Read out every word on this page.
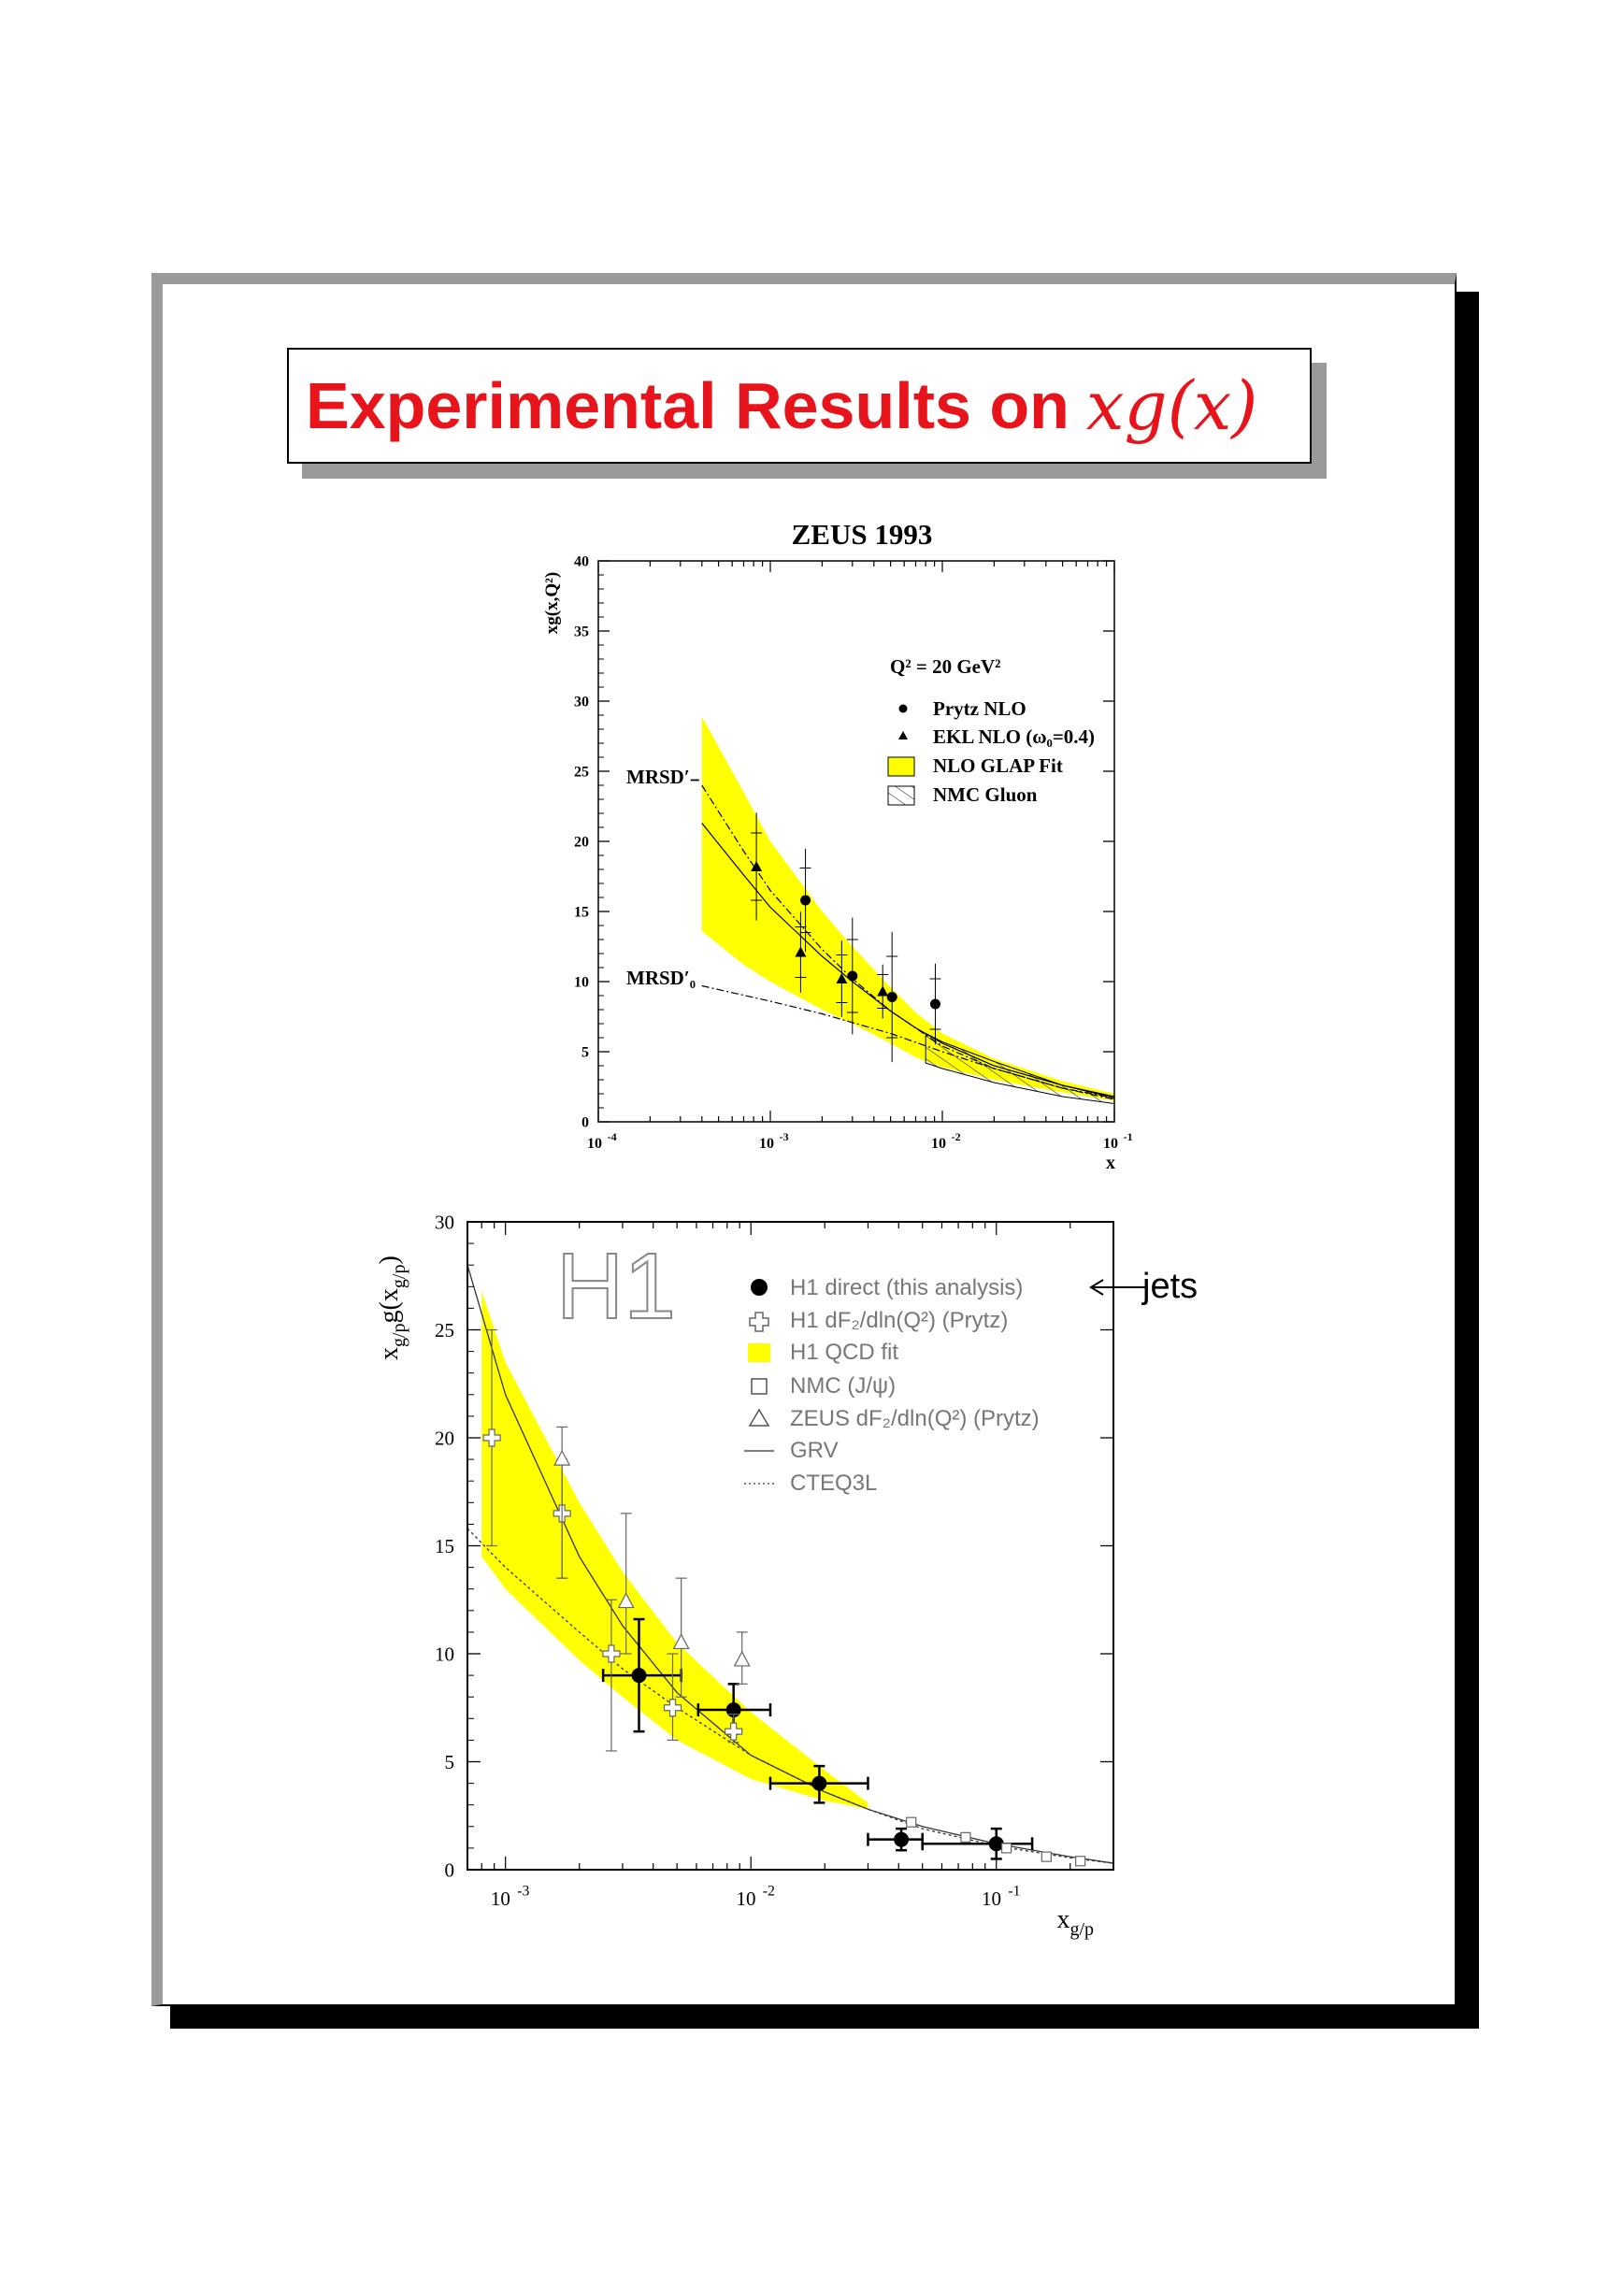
Experimental Results on xg(x)
0
5
10
15
20
25
30
35
40
10 -4	10 -3	10 -2	10 -1
ZEUS 1993
x
xg(x,Q²)
Q² = 20 GeV²
Prytz NLO
EKL NLO (ω₀=0.4)
NLO GLAP Fit
NMC Gluon
MRSD′₋
MRSD′₀
0
5
10
15
20
25
30
10 -3	10 -2	10 -1
H1
$x_{g/p}$
$x_{g/p}g(x_{g/p})$
H1 direct (this analysis)
H1 dF₂/dln(Q²) (Prytz)
H1 QCD fit
NMC (J/ψ)
ZEUS dF₂/dln(Q²) (Prytz)
GRV
CTEQ3L
jets
